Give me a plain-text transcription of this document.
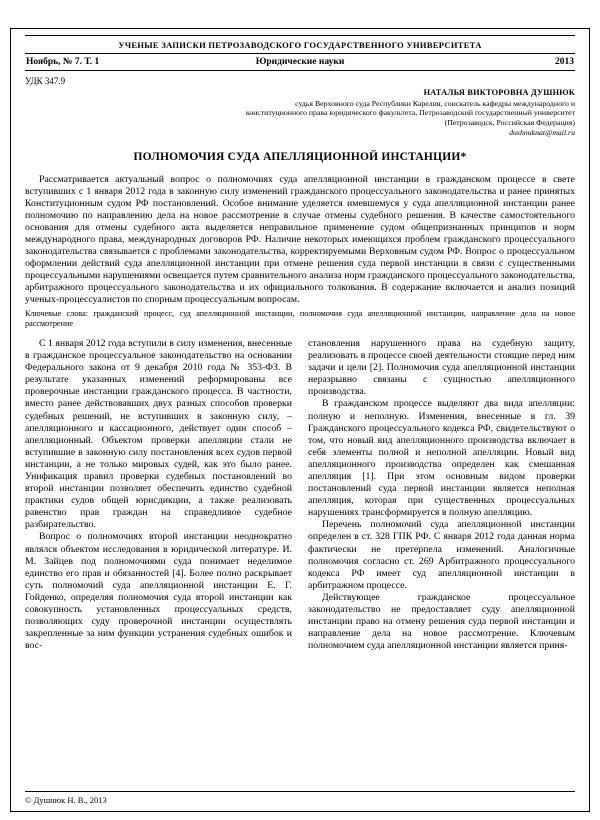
УЧЕНЫЕ ЗАПИСКИ ПЕТРОЗАВОДСКОГО ГОСУДАРСТВЕННОГО УНИВЕРСИТЕТА
Ноябрь, № 7. Т. 1	Юридические науки	2013
УДК 347.9
НАТАЛЬЯ ВИКТОРОВНА ДУШНЮК
судья Верховного суда Республики Карелия, соискатель кафедры международного и конституционного права юридического факультета, Петрозаводский государственный университет (Петрозаводск, Российская Федерация)
dushnuknat@mail.ru
ПОЛНОМОЧИЯ СУДА АПЕЛЛЯЦИОННОЙ ИНСТАНЦИИ*

Рассматривается актуальный вопрос о полномочиях суда апелляционной инстанции в гражданском процессе в свете вступивших с 1 января 2012 года в законную силу изменений гражданского процессуального законодательства и ранее принятых Конституционным судом РФ постановлений. Особое внимание уделяется имевшемуся у суда апелляционной инстанции ранее полномочию по направлению дела на новое рассмотрение в случае отмены судебного решения. В качестве самостоятельного основания для отмены судебного акта выделяется неправильное применение судом общепризнанных принципов и норм международного права, международных договоров РФ. Наличие некоторых имеющихся проблем гражданского процессуального законодательства связывается с проблемами законодательства, корректируемыми Верховным судом РФ. Вопрос о процессуальном оформлении действий суда апелляционной инстанции при отмене решения суда первой инстанции в связи с существенными процессуальными нарушениями освещается путем сравнительного анализа норм гражданского процессуального законодательства, арбитражного процессуального законодательства и их официального толкования. В содержание включается и анализ позиций ученых-процессуалистов по спорным процессуальным вопросам.

Ключевые слова: гражданский процесс, суд апелляционной инстанции, полномочия суда апелляционной инстанции, направление дела на новое рассмотрение

С 1 января 2012 года вступили в силу изменения, внесенные в гражданское процессуальное законодательство на основании Федерального закона от 9 декабря 2010 года № 353-ФЗ. В результате указанных изменений реформированы все проверочные инстанции гражданского процесса. В частности, вместо ранее действовавших двух разных способов проверки судебных решений, не вступивших в законную силу, – апелляционного и кассационного, действует один способ – апелляционный. Объектом проверки апелляции стали не вступившие в законную силу постановления всех судов первой инстанции, а не только мировых судей, как это было ранее. Унификация правил проверки судебных постановлений во второй инстанции позволяет обеспечить единство судебной практики судов общей юрисдикции, а также реализовать равенство прав граждан на справедливое судебное разбирательство.

Вопрос о полномочиях второй инстанции неоднократно являлся объектом исследования в юридической литературе. И. М. Зайцев под полномочиями суда понимает неделимое единство его прав и обязанностей [4]. Более полно раскрывает суть полномочий суда апелляционной инстанции Е. Г. Гойденко, определяя полномочия суда второй инстанции как совокупность установленных процессуальных средств, позволяющих суду проверочной инстанции осуществлять закрепленные за ним функции устранения судебных ошибок и вос-

становления нарушенного права на судебную защиту, реализовать в процессе своей деятельности стоящие перед ним задачи и цели [2]. Полномочия суда апелляционной инстанции неразрывно связаны с сущностью апелляционного производства.

В гражданском процессе выделяют два вида апелляции: полную и неполную. Изменения, внесенные в гл. 39 Гражданского процессуального кодекса РФ, свидетельствуют о том, что новый вид апелляционного производства включает в себя элементы полной и неполной апелляции. Новый вид апелляционного производства определен как смешанная апелляция [1]. При этом основным видом проверки постановлений суда первой инстанции является неполная апелляция, которая при существенных процессуальных нарушениях трансформируется в полную апелляцию.

Перечень полномочий суда апелляционной инстанции определен в ст. 328 ГПК РФ. С января 2012 года данная норма фактически не претерпела изменений. Аналогичные полномочия согласно ст. 269 Арбитражного процессуального кодекса РФ имеет суд апелляционной инстанции в арбитражном процессе.

Действующее гражданское процессуальное законодательство не предоставляет суду апелляционной инстанции право на отмену решения суда первой инстанции и направление дела на новое рассмотрение. Ключевым полномочием суда апелляционной инстанции является приня-

© Душнюк Н. В., 2013
